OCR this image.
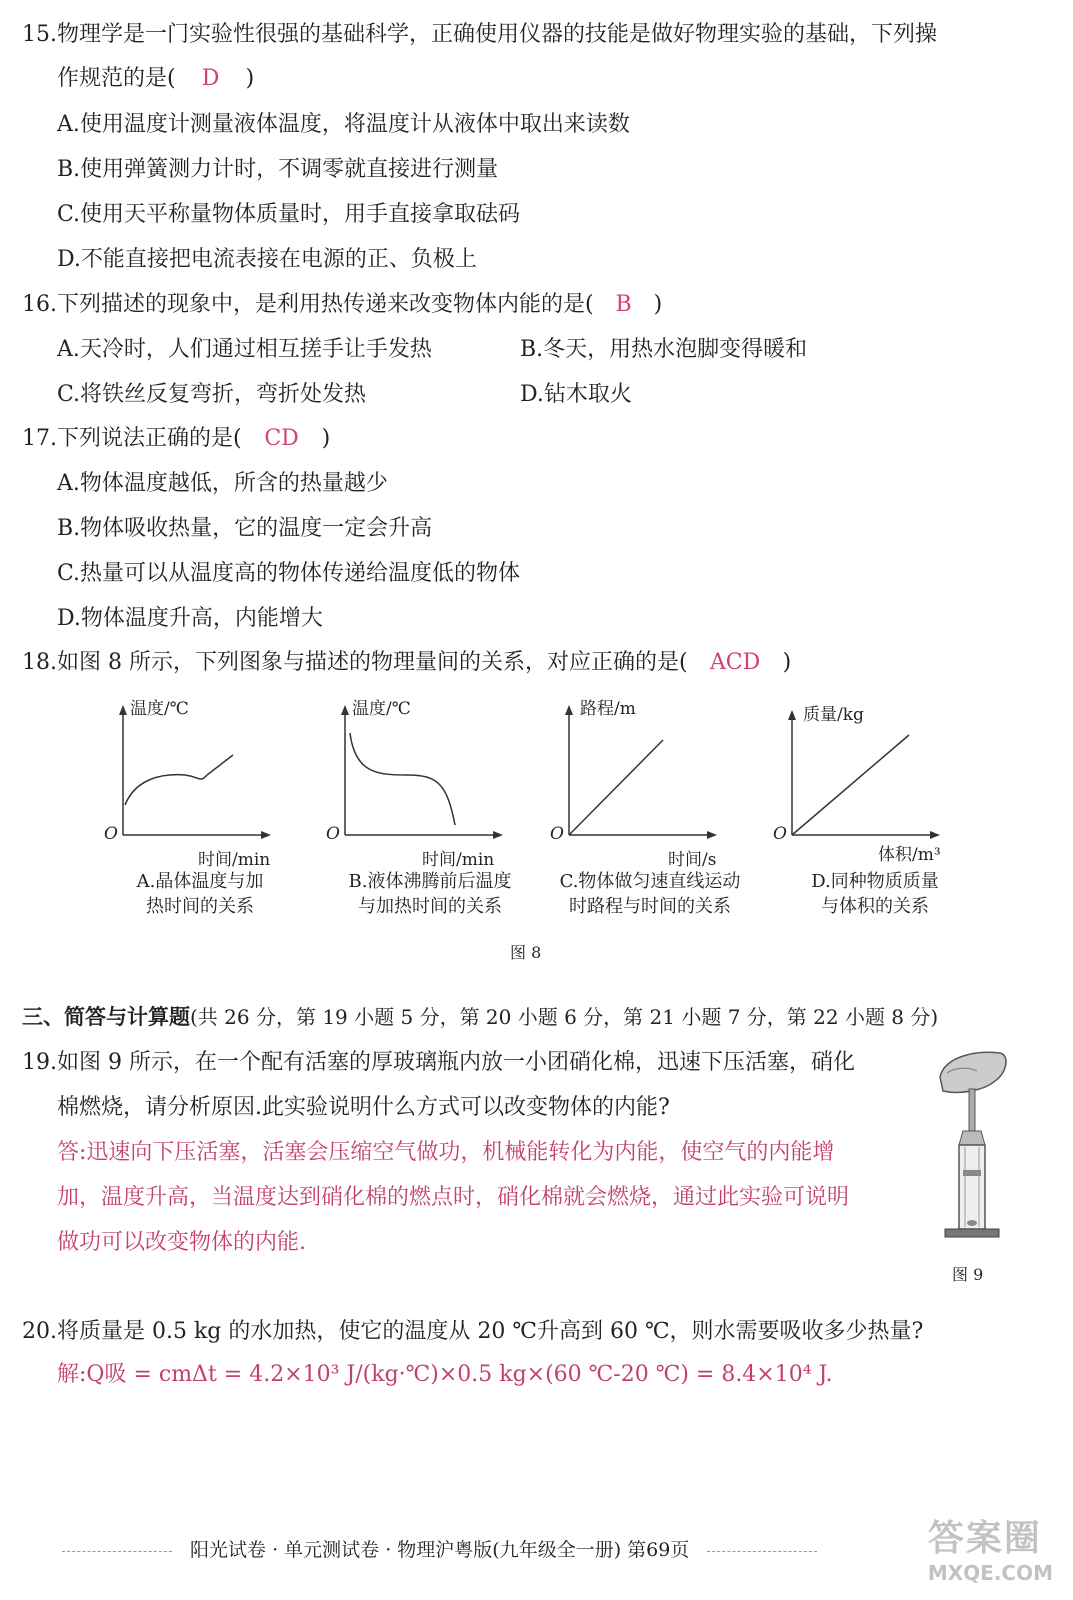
15.物理学是一门实验性很强的基础科学，正确使用仪器的技能是做好物理实验的基础，下列操
作规范的是( D )
A.使用温度计测量液体温度，将温度计从液体中取出来读数
B.使用弹簧测力计时，不调零就直接进行测量
C.使用天平称量物体质量时，用手直接拿取砝码
D.不能直接把电流表接在电源的正、负极上
16.下列描述的现象中，是利用热传递来改变物体内能的是( B )
A.天冷时，人们通过相互搓手让手发热	B.冬天，用热水泡脚变得暖和
C.将铁丝反复弯折，弯折处发热	D.钻木取火
17.下列说法正确的是( CD )
A.物体温度越低，所含的热量越少
B.物体吸收热量，它的温度一定会升高
C.热量可以从温度高的物体传递给温度低的物体
D.物体温度升高，内能增大
18.如图 8 所示，下列图象与描述的物理量间的关系，对应正确的是( ACD )
温度/℃
O
时间/min
A.晶体温度与加
热时间的关系
温度/℃
O
时间/min
B.液体沸腾前后温度
与加热时间的关系
路程/m
O
时间/s
C.物体做匀速直线运动
时路程与时间的关系
质量/kg
O
体积/m³
D.同种物质质量
与体积的关系
图 8
三、简答与计算题(共 26 分，第 19 小题 5 分，第 20 小题 6 分，第 21 小题 7 分，第 22 小题 8 分)
19.如图 9 所示，在一个配有活塞的厚玻璃瓶内放一小团硝化棉，迅速下压活塞，硝化
棉燃烧，请分析原因.此实验说明什么方式可以改变物体的内能?
答:迅速向下压活塞，活塞会压缩空气做功，机械能转化为内能，使空气的内能增
加，温度升高，当温度达到硝化棉的燃点时，硝化棉就会燃烧，通过此实验可说明
做功可以改变物体的内能.
图 9
20.将质量是 0.5 kg 的水加热，使它的温度从 20 ℃升高到 60 ℃，则水需要吸收多少热量?
解:Q吸 = cmΔt = 4.2×10³ J/(kg·℃)×0.5 kg×(60 ℃-20 ℃) = 8.4×10⁴ J.
阳光试卷 · 单元测试卷 · 物理沪粤版(九年级全一册) 第69页	答案圈
MXQE.COM
